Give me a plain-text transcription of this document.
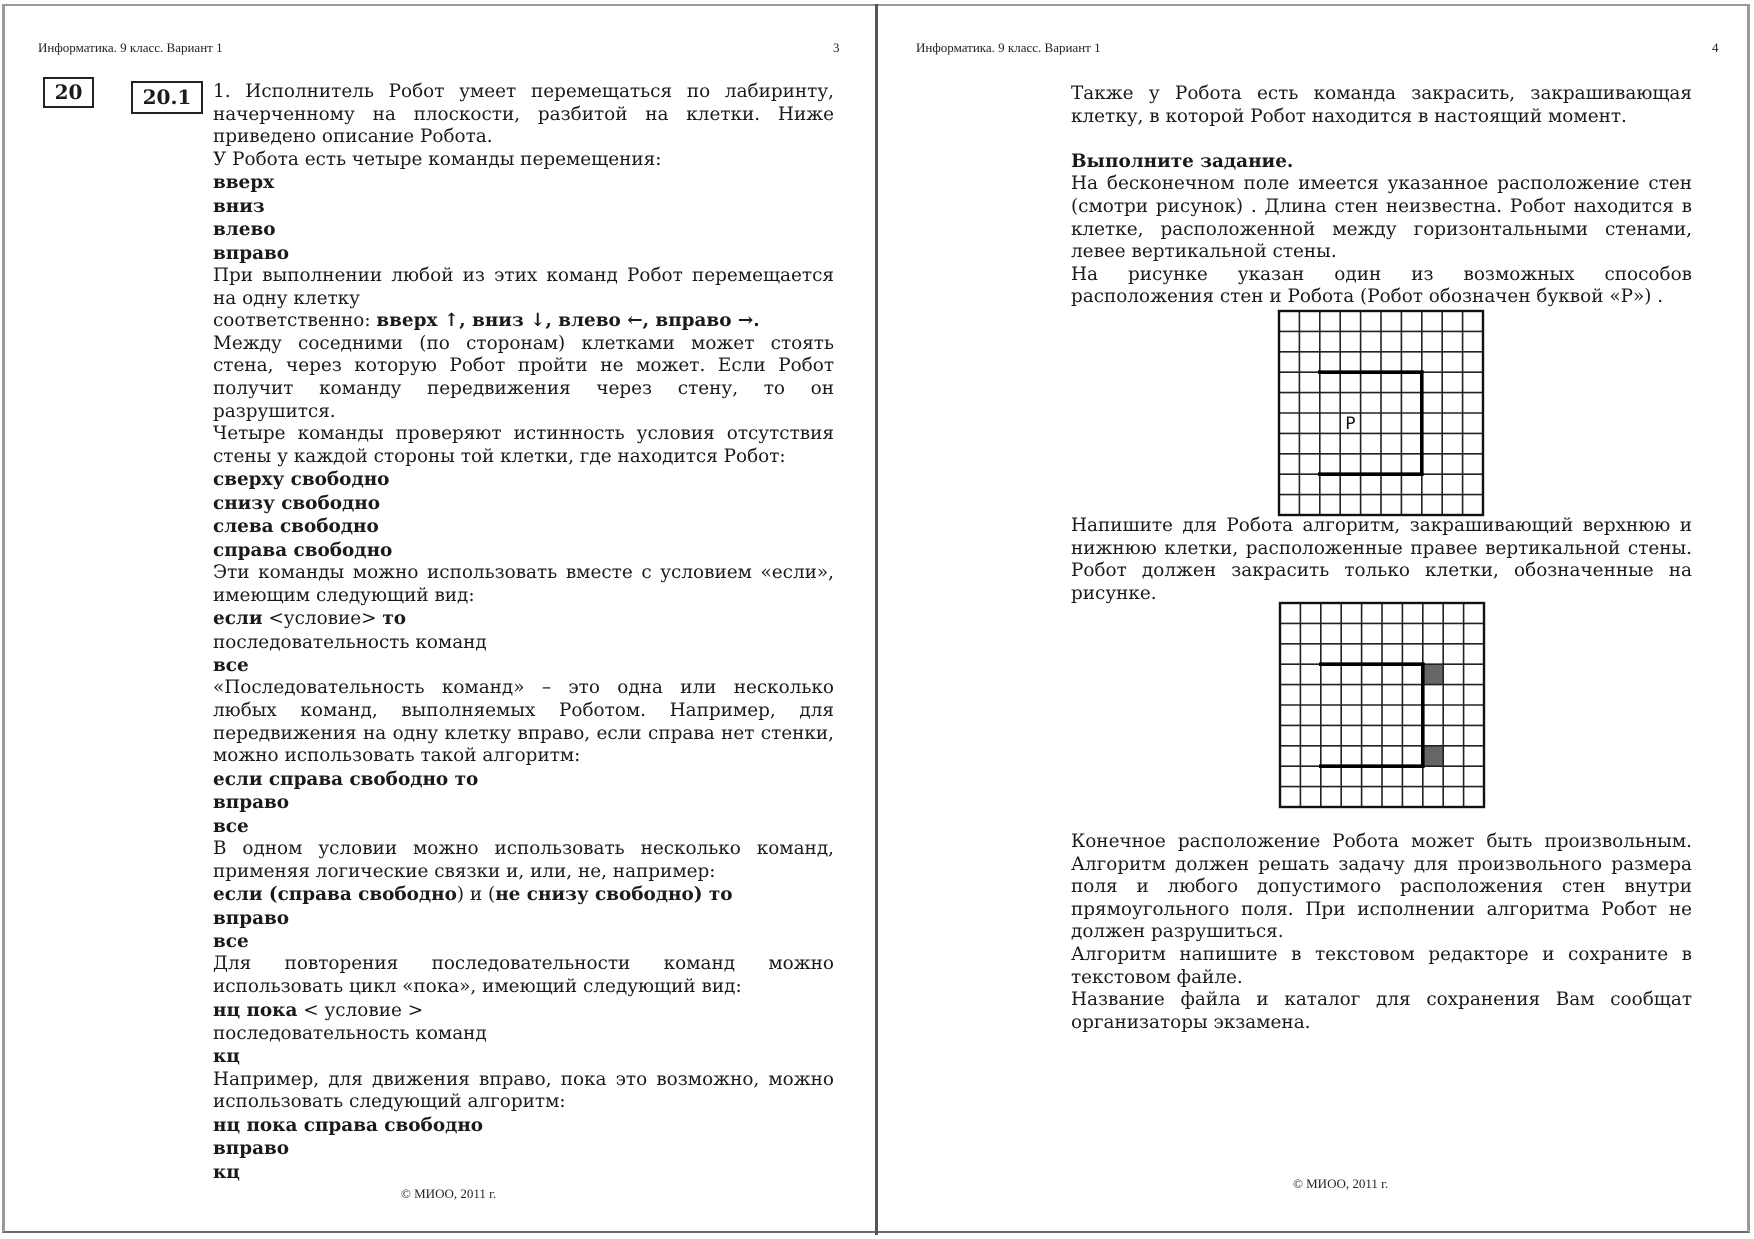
Информатика. 9 класс. Вариант 1	3
20	20.1	1. Исполнитель Робот умеет перемещаться по лабиринту, начерченному на плоскости, разбитой на клетки. Ниже приведено описание Робота.

У Робота есть четыре команды перемещения:

вверх
вниз
влево
вправо

При выполнении любой из этих команд Робот перемещается на одну клетку

соответственно: вверх ↑, вниз ↓, влево ←, вправо →.

Между соседними (по сторонам) клетками может стоять стена, через которую Робот пройти не может. Если Робот получит команду передвижения через стену, то он разрушится.

Четыре команды проверяют истинность условия отсутствия стены у каждой стороны той клетки, где находится Робот:

сверху свободно
снизу свободно
слева свободно
справа свободно

Эти команды можно использовать вместе с условием «если», имеющим следующий вид:

если <условие> то
последовательность команд
все

«Последовательность команд» – это одна или несколько любых команд, выполняемых Роботом. Например, для передвижения на одну клетку вправо, если справа нет стенки, можно использовать такой алгоритм:

если справа свободно то
вправо
все

В одном условии можно использовать несколько команд, применяя логические связки и, или, не, например:

если (справа свободно) и (не снизу свободно) то
вправо
все

Для повторения последовательности команд можно использовать цикл «пока», имеющий следующий вид:

нц пока < условие >
последовательность команд
кц

Например, для движения вправо, пока это возможно, можно использовать следующий алгоритм:

нц пока справа свободно
вправо
кц
© МИОО, 2011 г.
Информатика. 9 класс. Вариант 1	4

Также у Робота есть команда закрасить, закрашивающая клетку, в которой Робот находится в настоящий момент.

Выполните задание.

На бесконечном поле имеется указанное расположение стен (смотри рисунок) . Длина стен неизвестна. Робот находится в клетке, расположенной между горизонтальными стенами, левее вертикальной стены.

На рисунке указан один из возможных способов расположения стен и Робота (Робот обозначен буквой «Р») .

Р

Напишите для Робота алгоритм, закрашивающий верхнюю и нижнюю клетки, расположенные правее вертикальной стены. Робот должен закрасить только клетки, обозначенные на рисунке.

Конечное расположение Робота может быть произвольным. Алгоритм должен решать задачу для произвольного размера поля и любого допустимого расположения стен внутри прямоугольного поля. При исполнении алгоритма Робот не должен разрушиться.

Алгоритм напишите в текстовом редакторе и сохраните в текстовом файле.

Название файла и каталог для сохранения Вам сообщат организаторы экзамена.

© МИОО, 2011 г.
